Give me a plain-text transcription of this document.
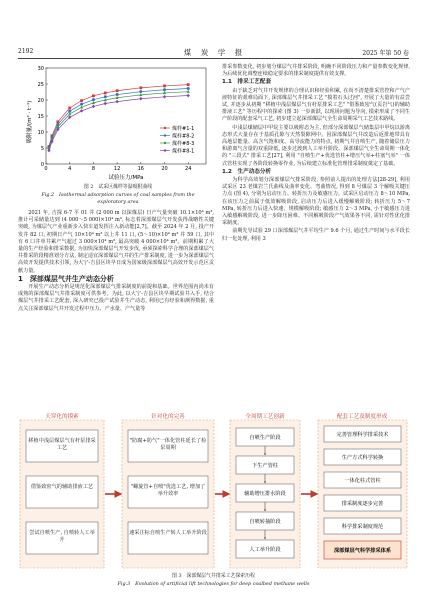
2192	煤　炭　学　报	2025 年第 50 卷
0	4	8	12	16	20	24
0
5
10
15
20
25
30
煤样#1-1
煤样#8-2
煤样#8-3
煤样#8-1
吸附量/(m³ · t⁻¹)
试验压力/MPa
图 2　试采区煤样等温吸附曲线
Fig.2　Isothermal adsorption curves of coal samples from the
exploratory area

2021 年, 吉探 6-7 平 01 井 (2 000 m 以深煤层) 日产气量突破 10.1×10⁴ m³, 推计可采储量达到 (4 000～5 000)×10⁴ m³, 标志着深部煤层气开发获得战略性关键突破, 为煤层气产业重新步入快车道发挥注入新动能[2,7]。截至 2024 年 2 月, 投产开发井 82 口, 初期日产气 10×10⁴ m³ 以上井 11 口, (5～10)×10⁴ m³ 井 59 口, 其中有 6 口井单井累产气超过 3 000×10⁴ m³, 最高突破 4 000×10⁴ m³。前期积累了大量的生产经验和排采数据, 为加快深部煤层气开发步伐, 亟须探索科学合理的深部煤层气井排采阶段精准划分方法, 制定适宜深部煤层气井的生产排采制度, 进一步为深部煤层气高效开发提供技术引领, 为大宁-吉县区块早日成为国家级深部煤层气高效开发示范区贡献力量。

1　深部煤层气井生产动态分析

开展生产动态分析是规范化深部煤层气排采制度的前提和基础。世界范围内尚未有成熟的深部煤层气井排采制度可供参考。为此, 以大宁-吉县区块早期试验井入手, 结合煤层气井排采工艺配套, 深入研究已投产试验井生产动态, 利用已有经验和测得数据, 重点关注深部煤层气井开发过程中压力、产水量、产气量等

排采参数变化, 初步划分煤层气井排采阶段, 明确不同阶段压力和产量参数变化规律, 为后续优化调整连续稳定要求的排采制度提供有效支撑。

1.1　排采工艺配套

由于缺乏对气井开发规律的合理认识和经验积累, 在尚不清楚排采管控和产气产液特征的艰难局面下, 深部煤层气井排采工艺 "摸着石头过河", 开展了大量的有益尝试, 并逐步从初期 "移植中浅层煤层气有杆泵排采工艺" "借鉴致密气(页岩气)的辅助排液工艺" 等历程中的探索 (图 3) 一步新跃, 以现场问题为导向, 摸索形成了不同生产阶段的配套采气工艺, 初步建立起深部煤层气全生命周期采气工艺技术路线。

中浅层煤储层中甲烷主要以吸附态为主, 但部分深部煤层气储集层中甲烷以游离态形式大量存在于基质孔隙与天然裂隙网中。因深部煤层气井改造后返排地带具有高地层能量、高含气饱和度、高导流能力的特点, 初期气井自喷生产, 随着储层压力和游离气含量的双重降低, 逐步过渡到人工举升阶段。深部煤层气全生命周期一体化的 "三段式" 排采工艺[27], 利用 "自喷生产+优选管柱+增压气举+柱塞气举" 一体式管柱实现了各阶段转换零作业, 为后续建立标准化管理排采制度奠定了基础。

1.2　生产动态分析

为科学高效划分深部煤层气排采阶段, 参照前人提出的处理方法[28-29], 利用试采区 23 老煤岩兰氏曲线及曲率变化、弯曲情况, 得到 8 号煤层 3 个解吸关键压力点 (图 4), 分别为启动压力、转折压力及敏感压力。试采区启动压力 8～10 MPa, 在该压力之前属于低效解吸阶段, 启动压力后进入缓慢解吸阶段; 转折压力 5～7 MPa, 转折压力后进入快速、规模解吸阶段; 敏感压力 2～3 MPa, 小于敏感压力进入敏感解吸阶段, 进一步降压困难。不同解吸阶段产气效果各不同, 需针对性优化排采制度。

前期先导试验 29 口深部煤层气井平均生产 9.6 个月, 通过生产时间与水平段长归一化处理, 利用 3

天穿化的摸索	针对化的完善	全周期工艺创新	配套工艺及制度形成
移植中浅层煤层气有杆泵排采工艺
借鉴致密气的辅助排液工艺
尝试自喷生产, 自喷转人工举升
"防腐+防气"一体化管柱延长了检泵周期
"螺旋管+自喷"优选工艺, 增加了举升效率
速采注标自喷生产转人工举升阶段
自喷生产阶段
下生产管柱
辅助增压排水阶段
自喷转抽阶段
人工举升阶段
完善管理科学排采技术
生产方式科学转换
一体化柱式管柱
排采制度逐步完善
科学排采制度规范
深部煤层气科学排采体系
图 3　深部煤层气井排采工艺探索历程
Fig.3　Evolution of artificial lift technologies for deep coalbed methane wells
